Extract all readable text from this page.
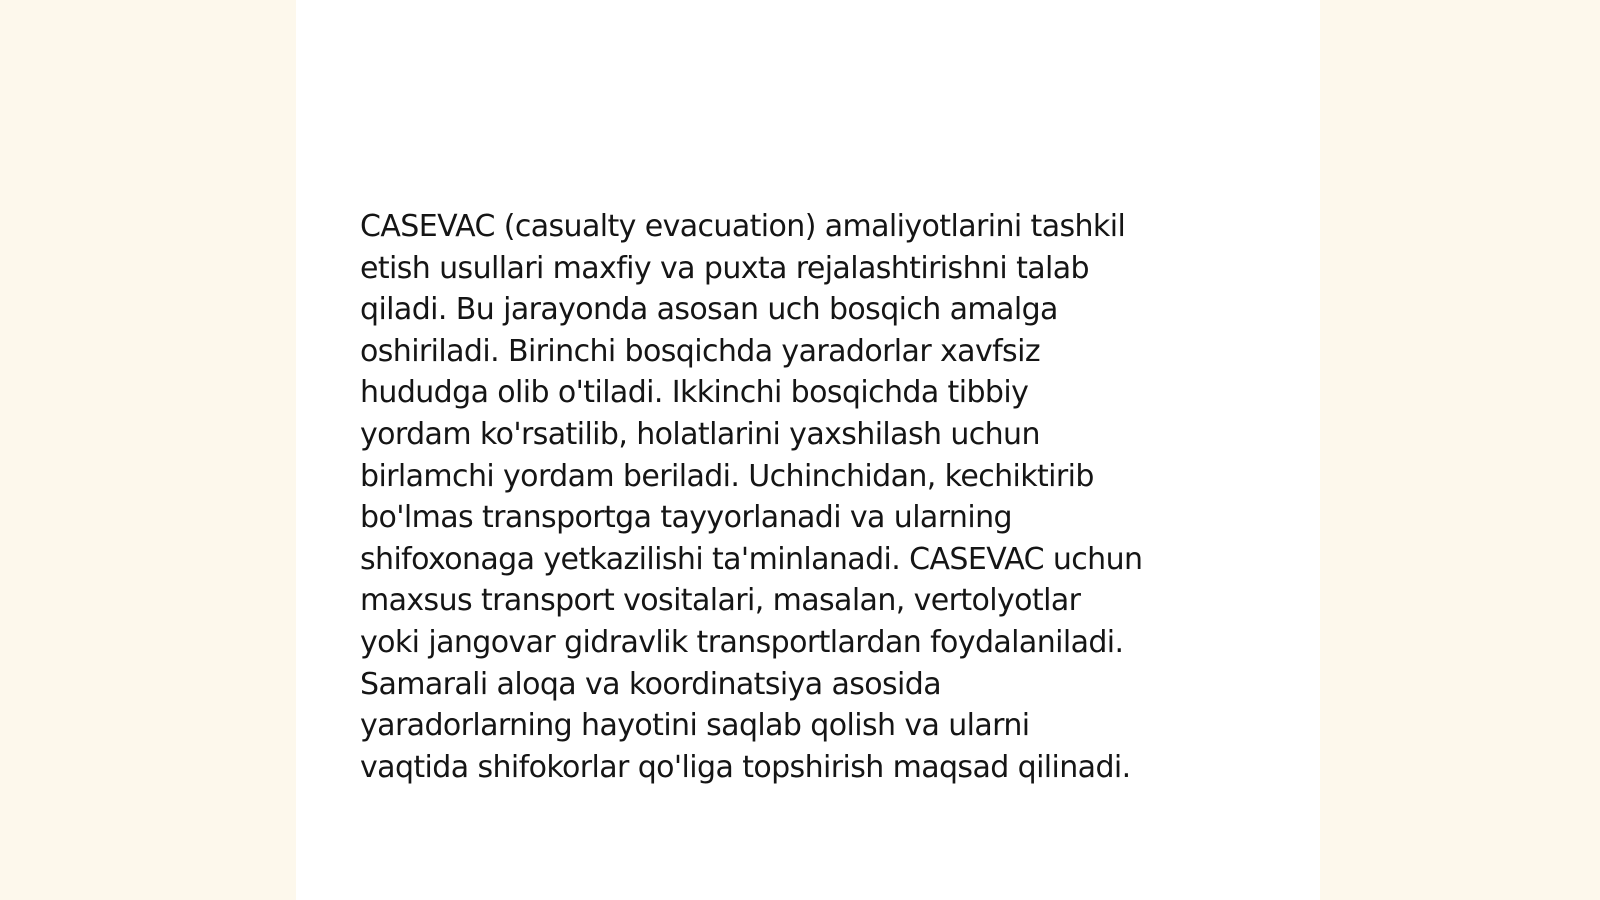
CASEVAC (casualty evacuation) amaliyotlarini tashkil
etish usullari maxfiy va puxta rejalashtirishni talab
qiladi. Bu jarayonda asosan uch bosqich amalga
oshiriladi. Birinchi bosqichda yaradorlar xavfsiz
hududga olib o'tiladi. Ikkinchi bosqichda tibbiy
yordam ko'rsatilib, holatlarini yaxshilash uchun
birlamchi yordam beriladi. Uchinchidan, kechiktirib
bo'lmas transportga tayyorlanadi va ularning
shifoxonaga yetkazilishi ta'minlanadi. CASEVAC uchun
maxsus transport vositalari, masalan, vertolyotlar
yoki jangovar gidravlik transportlardan foydalaniladi.
Samarali aloqa va koordinatsiya asosida
yaradorlarning hayotini saqlab qolish va ularni
vaqtida shifokorlar qo'liga topshirish maqsad qilinadi.
